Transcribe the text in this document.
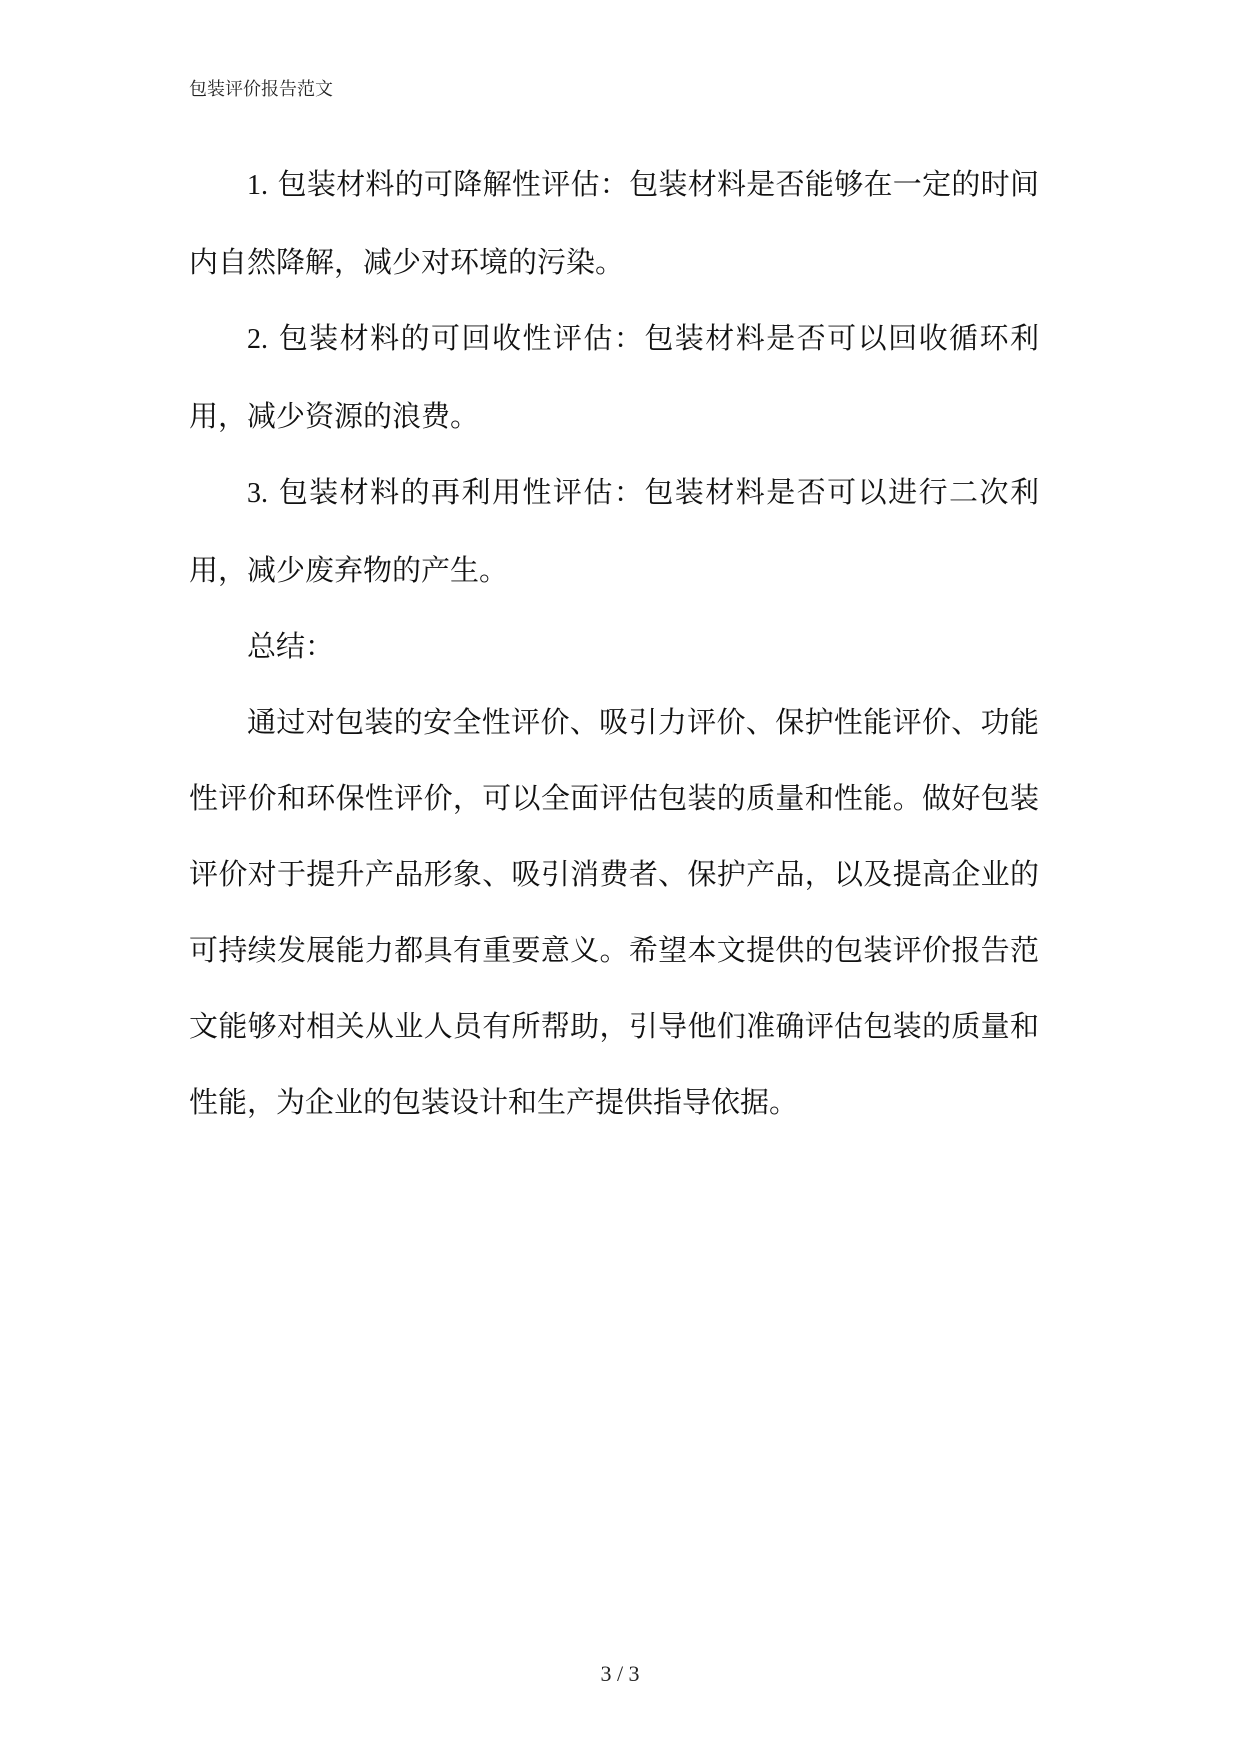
包装评价报告范文

1. 包装材料的可降解性评估：包装材料是否能够在一定的时间内自然降解，减少对环境的污染。

2. 包装材料的可回收性评估：包装材料是否可以回收循环利用，减少资源的浪费。

3. 包装材料的再利用性评估：包装材料是否可以进行二次利用，减少废弃物的产生。

总结：

通过对包装的安全性评价、吸引力评价、保护性能评价、功能性评价和环保性评价，可以全面评估包装的质量和性能。做好包装评价对于提升产品形象、吸引消费者、保护产品，以及提高企业的可持续发展能力都具有重要意义。希望本文提供的包装评价报告范文能够对相关从业人员有所帮助，引导他们准确评估包装的质量和性能，为企业的包装设计和生产提供指导依据。

3 / 3
